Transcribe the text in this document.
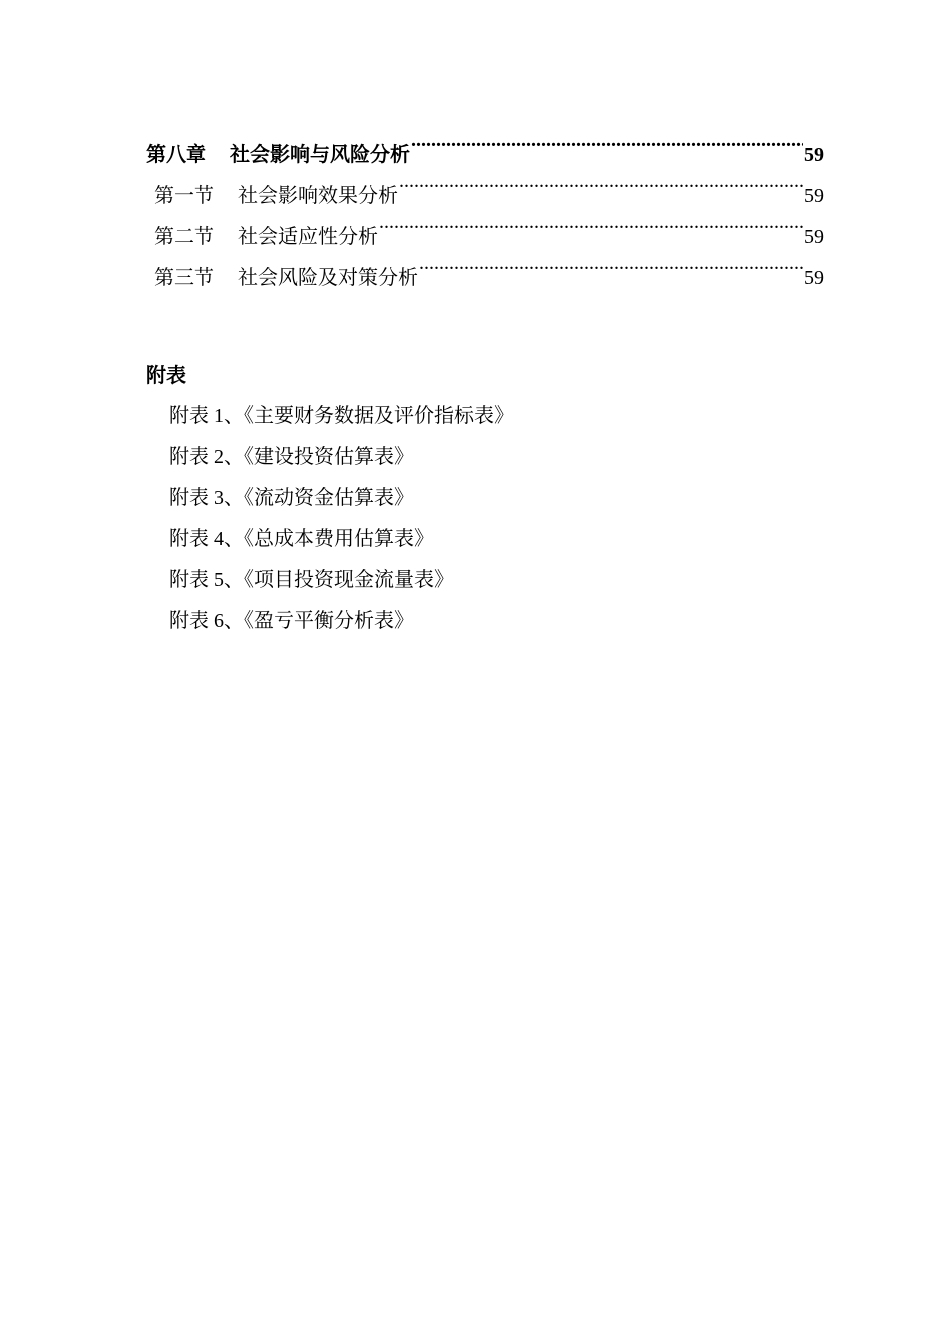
第八章 社会影响与风险分析 .....	59
第一节 社会影响效果分析 .....	59
第二节 社会适应性分析 .....	59
第三节 社会风险及对策分析 .....	59
附表
附表 1、《主要财务数据及评价指标表》
附表 2、《建设投资估算表》
附表 3、《流动资金估算表》
附表 4、《总成本费用估算表》
附表 5、《项目投资现金流量表》
附表 6、《盈亏平衡分析表》
